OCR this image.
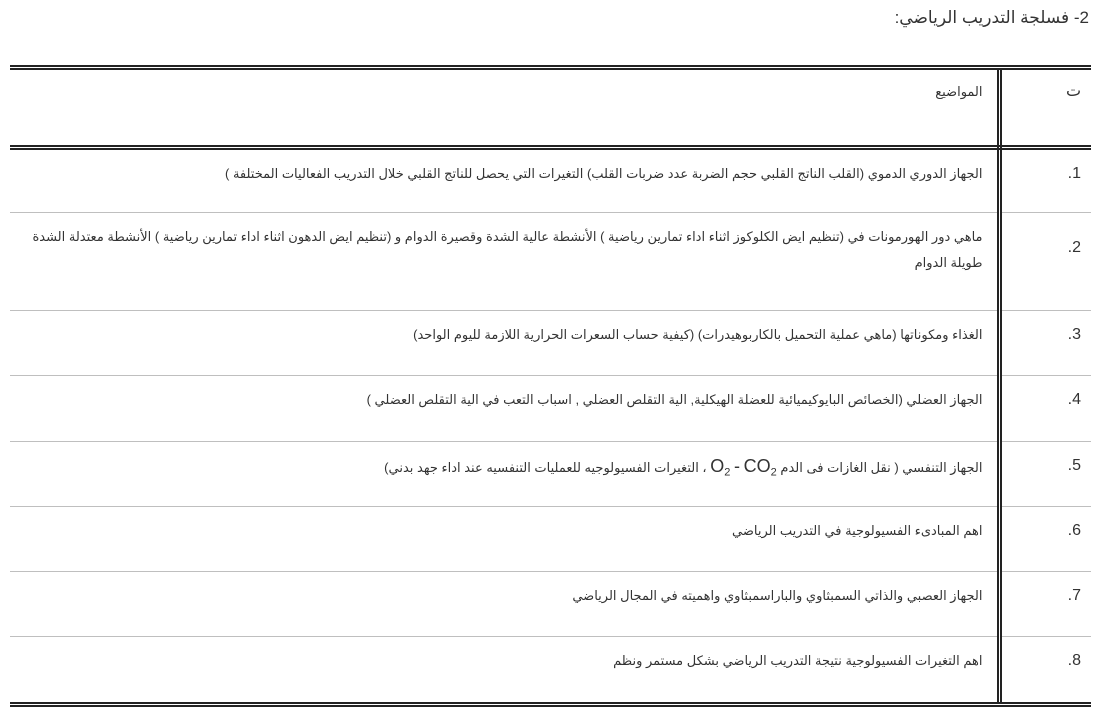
2- فسلجة التدريب الرياضي:
ت	المواضيع
1.	الجهاز الدوري الدموي (القلب الناتج القلبي حجم الضربة عدد ضربات القلب) التغيرات التي يحصل للناتج القلبي خلال التدريب الفعاليات المختلفة )
2.	ماهي دور الهورمونات في (تنظيم ايض الكلوكوز اثناء اداء تمارين رياضية ) الأنشطة عالية الشدة وقصيرة الدوام و (تنظيم ايض الدهون اثناء اداء تمارين رياضية ) الأنشطة معتدلة الشدة طويلة الدوام
3.	الغذاء ومكوناتها (ماهي عملية التحميل بالكاربوهيدرات) (كيفية حساب السعرات الحرارية اللازمة لليوم الواحد)
4.	الجهاز العضلي (الخصائص البايوكيميائية للعضلة الهيكلية, الية التقلص العضلي , اسباب التعب في الية التقلص العضلي )
5.	الجهاز التنفسي ( نقل الغازات فى الدم $O_2 - CO_2$ ، التغيرات الفسيولوجيه للعمليات التنفسيه عند اداء جهد بدني)
6.	اهم المبادىء الفسيولوجية في التدريب الرياضي
7.	الجهاز العصبي والذاتي السمبثاوي والباراسمبثاوي واهميته في المجال الرياضي
8.	اهم التغيرات الفسيولوجية نتيجة التدريب الرياضي بشكل مستمر ونظم
